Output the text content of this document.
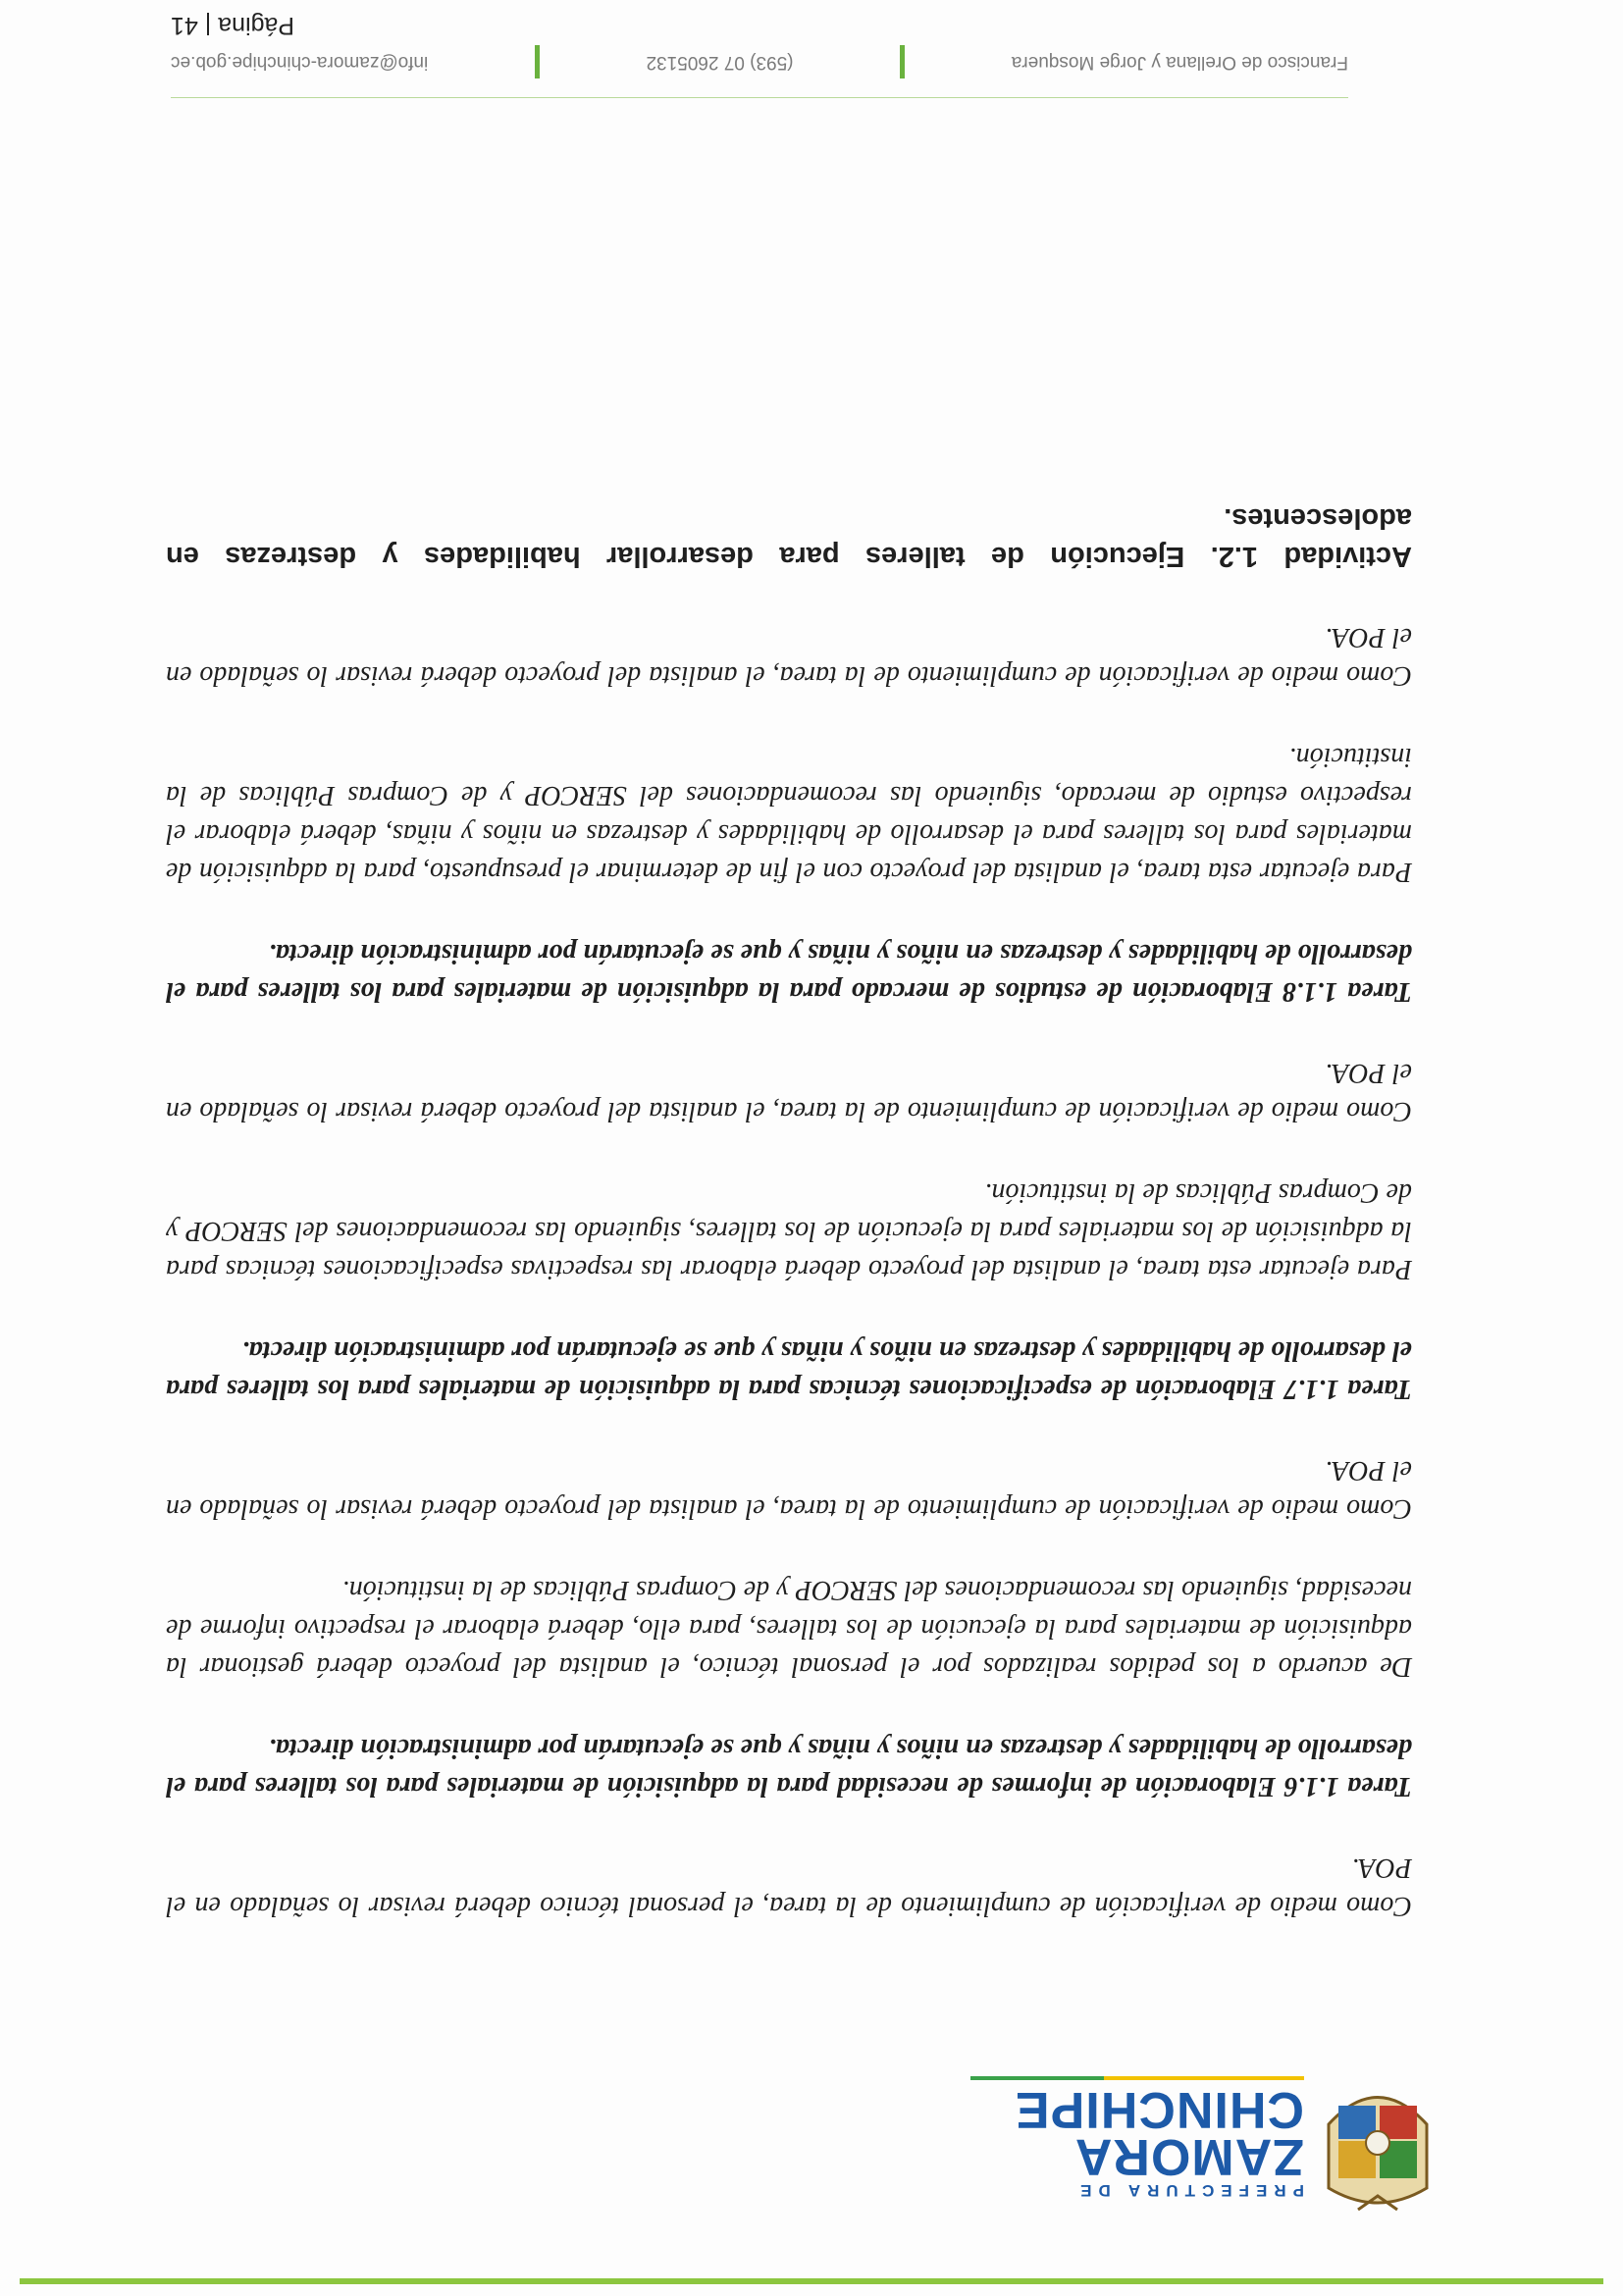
PREFECTURA DE
ZAMORA
CHINCHIPE

Como medio de verificación de cumplimiento de la tarea, el personal técnico deberá revisar lo señalado en el POA.

Tarea 1.1.6 Elaboración de informes de necesidad para la adquisición de materiales para los talleres para el desarrollo de habilidades y destrezas en niños y niñas y que se ejecutarán por administración directa.

De acuerdo a los pedidos realizados por el personal técnico, el analista del proyecto deberá gestionar la adquisición de materiales para la ejecución de los talleres, para ello, deberá elaborar el respectivo informe de necesidad, siguiendo las recomendaciones del SERCOP y de Compras Públicas de la institución.

Como medio de verificación de cumplimiento de la tarea, el analista del proyecto deberá revisar lo señalado en el POA.

Tarea 1.1.7 Elaboración de especificaciones técnicas para la adquisición de materiales para los talleres para el desarrollo de habilidades y destrezas en niños y niñas y que se ejecutarán por administración directa.

Para ejecutar esta tarea, el analista del proyecto deberá elaborar las respectivas especificaciones técnicas para la adquisición de los materiales para la ejecución de los talleres, siguiendo las recomendaciones del SERCOP y de Compras Públicas de la institución.

Como medio de verificación de cumplimiento de la tarea, el analista del proyecto deberá revisar lo señalado en el POA.

Tarea 1.1.8 Elaboración de estudios de mercado para la adquisición de materiales para los talleres para el desarrollo de habilidades y destrezas en niños y niñas y que se ejecutarán por administración directa.

Para ejecutar esta tarea, el analista del proyecto con el fin de determinar el presupuesto, para la adquisición de materiales para los talleres para el desarrollo de habilidades y destrezas en niños y niñas, deberá elaborar el respectivo estudio de mercado, siguiendo las recomendaciones del SERCOP y de Compras Públicas de la institución.

Como medio de verificación de cumplimiento de la tarea, el analista del proyecto deberá revisar lo señalado en el POA.

Actividad 1.2. Ejecución de talleres para desarrollar habilidades y destrezas en adolescentes.

Francisco de Orellana y Jorge Mosquera
(593) 07 2605132
info@zamora-chinchipe.gob.ec
Página | 41
